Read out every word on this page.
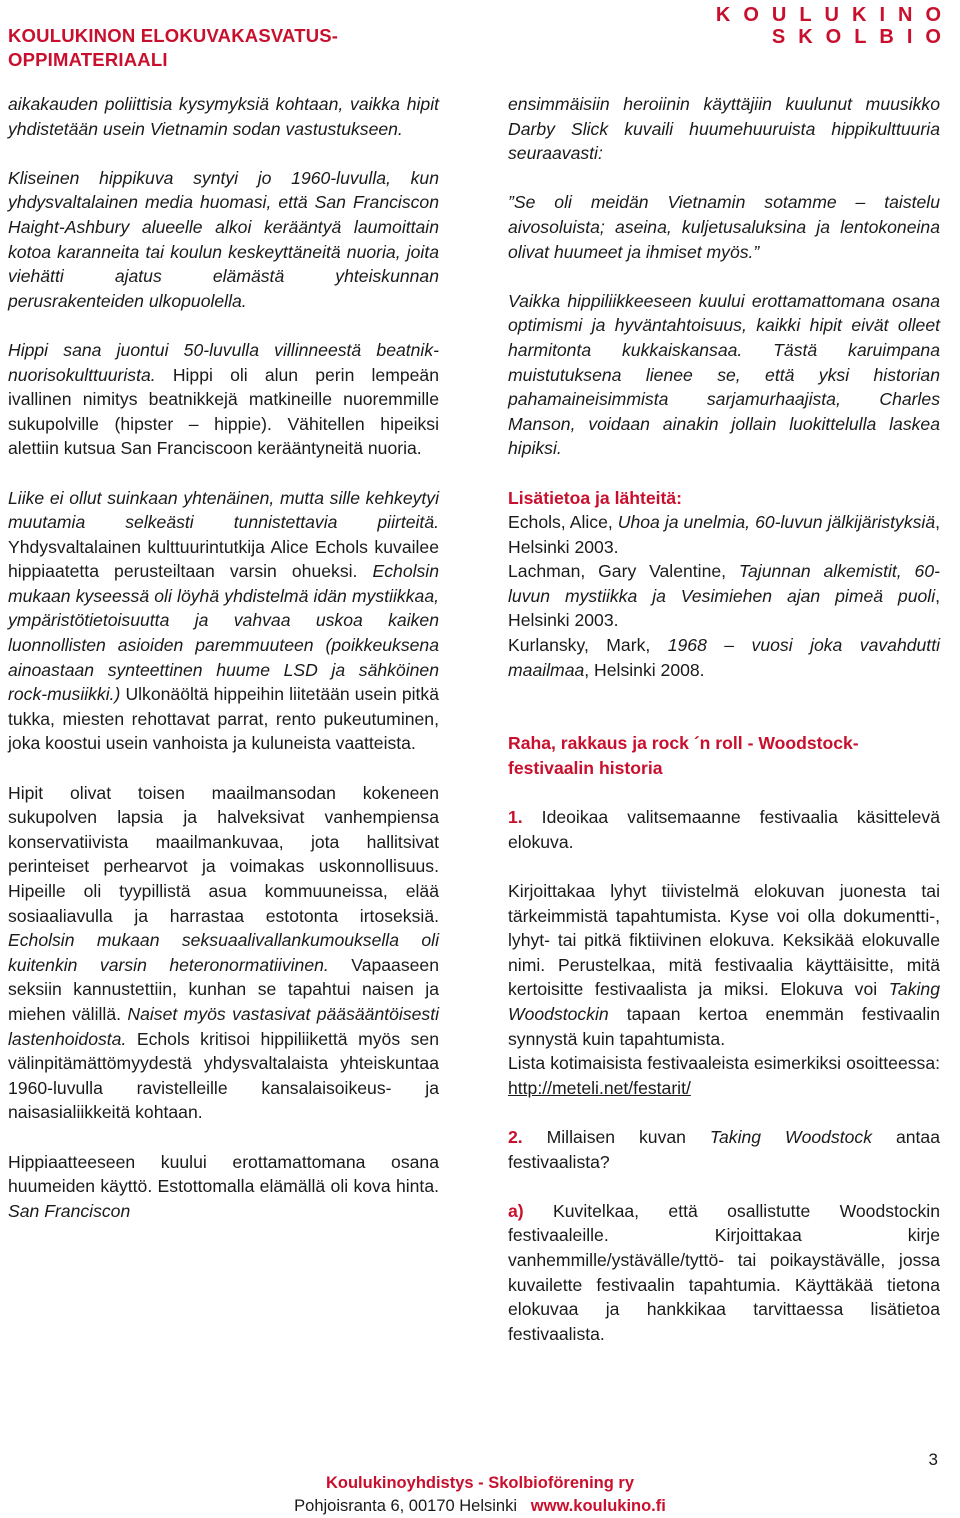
KOULUKINON ELOKUVAKASVATUS-OPPIMATERIAALI
KOULUKINO
SKOLBIO

aikakauden poliittisia kysymyksiä kohtaan, vaikka hipit yhdistetään usein Vietnamin sodan vastustukseen.

Kliseinen hippikuva syntyi jo 1960-luvulla, kun yhdysvaltalainen media huomasi, että San Franciscon Haight-Ashbury alueelle alkoi kerääntyä laumoittain kotoa karanneita tai koulun keskeyttäneitä nuoria, joita viehätti ajatus elämästä yhteiskunnan perusrakenteiden ulkopuolella.

Hippi sana juontui 50-luvulla villinneestä beatnik-nuorisokulttuurista. Hippi oli alun perin lempeän ivallinen nimitys beatnikkejä matkineille nuoremmille sukupolville (hipster – hippie). Vähitellen hipeiksi alettiin kutsua San Franciscoon kerääntyneitä nuoria.

Liike ei ollut suinkaan yhtenäinen, mutta sille kehkeytyi muutamia selkeästi tunnistettavia piirteitä. Yhdysvaltalainen kulttuurintutkija Alice Echols kuvailee hippiaatetta perusteiltaan varsin ohueksi. Echolsin mukaan kyseessä oli löyhä yhdistelmä idän mystiikkaa, ympäristötietoisuutta ja vahvaa uskoa kaiken luonnollisten asioiden paremmuuteen (poikkeuksena ainoastaan synteettinen huume LSD ja sähköinen rock-musiikki.) Ulkonäöltä hippeihin liitetään usein pitkä tukka, miesten rehottavat parrat, rento pukeutuminen, joka koostui usein vanhoista ja kuluneista vaatteista.

Hipit olivat toisen maailmansodan kokeneen sukupolven lapsia ja halveksivat vanhempiensa konservatiivista maailmankuvaa, jota hallitsivat perinteiset perhearvot ja voimakas uskonnollisuus. Hipeille oli tyypillistä asua kommuuneissa, elää sosiaaliavulla ja harrastaa estotonta irtoseksiä. Echolsin mukaan seksuaalivallankumouksella oli kuitenkin varsin heteronormatiivinen. Vapaaseen seksiin kannustettiin, kunhan se tapahtui naisen ja miehen välillä. Naiset myös vastasivat pääsääntöisesti lastenhoidosta. Echols kritisoi hippiliikettä myös sen välinpitämättömyydestä yhdysvaltalaista yhteiskuntaa 1960-luvulla ravistelleille kansalaisoikeus- ja naisasialiikkeitä kohtaan.

Hippiaatteeseen kuului erottamattomana osana huumeiden käyttö. Estottomalla elämällä oli kova hinta. San Franciscon

ensimmäisiin heroiinin käyttäjiin kuulunut muusikko Darby Slick kuvaili huumehuuruista hippikulttuuria seuraavasti:

”Se oli meidän Vietnamin sotamme – taistelu aivosoluista; aseina, kuljetusaluksina ja lentokoneina olivat huumeet ja ihmiset myös.”

Vaikka hippiliikkeeseen kuului erottamattomana osana optimismi ja hyväntahtoisuus, kaikki hipit eivät olleet harmitonta kukkaiskansaa. Tästä karuimpana muistutuksena lienee se, että yksi historian pahamaineisimmista sarjamurhaajista, Charles Manson, voidaan ainakin jollain luokittelulla laskea hipiksi.

Lisätietoa ja lähteitä:

Echols, Alice, Uhoa ja unelmia, 60-luvun jälkijäristyksiä, Helsinki 2003.

Lachman, Gary Valentine, Tajunnan alkemistit, 60-luvun mystiikka ja Vesimiehen ajan pimeä puoli, Helsinki 2003.

Kurlansky, Mark, 1968 – vuosi joka vavahdutti maailmaa, Helsinki 2008.

Raha, rakkaus ja rock ´n roll - Woodstock-festivaalin historia

1. Ideoikaa valitsemaanne festivaalia käsittelevä elokuva.

Kirjoittakaa lyhyt tiivistelmä elokuvan juonesta tai tärkeimmistä tapahtumista. Kyse voi olla dokumentti-, lyhyt- tai pitkä fiktiivinen elokuva. Keksikää elokuvalle nimi. Perustelkaa, mitä festivaalia käyttäisitte, mitä kertoisitte festivaalista ja miksi. Elokuva voi Taking Woodstockin tapaan kertoa enemmän festivaalin synnystä kuin tapahtumista.

Lista kotimaisista festivaaleista esimerkiksi osoitteessa: http://meteli.net/festarit/

2. Millaisen kuvan Taking Woodstock antaa festivaalista?

a) Kuvitelkaa, että osallistutte Woodstockin festivaaleille. Kirjoittakaa kirje vanhemmille/ystävälle/tyttö- tai poikaystävälle, jossa kuvailette festivaalin tapahtumia. Käyttäkää tietona elokuvaa ja hankkikaa tarvittaessa lisätietoa festivaalista.

3
Koulukinoyhdistys - Skolbioförening ry
Pohjoisranta 6, 00170 Helsinki www.koulukino.fi
